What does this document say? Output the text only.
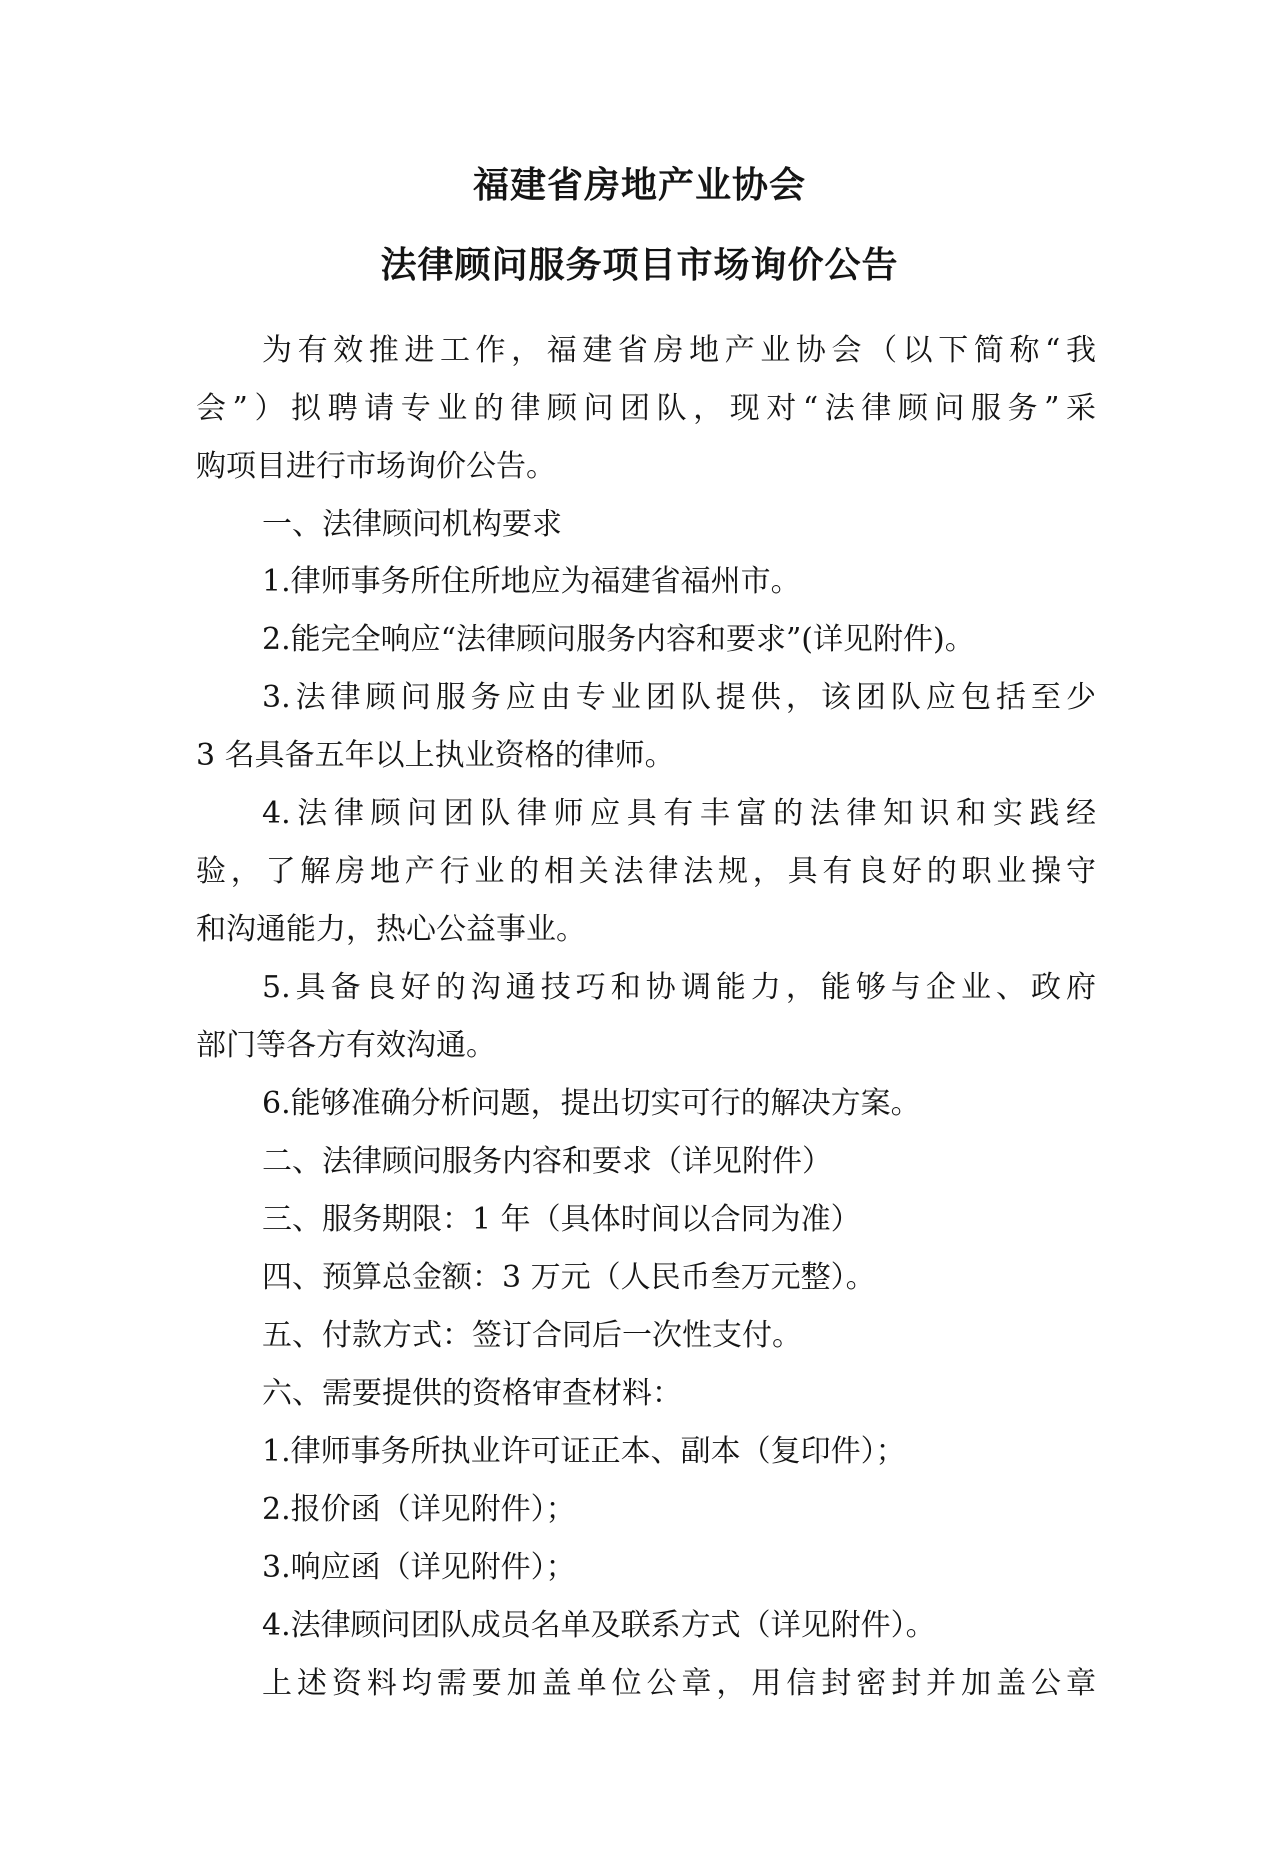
福建省房地产业协会
法律顾问服务项目市场询价公告
为有效推进工作，福建省房地产业协会（以下简称“我
会”）拟聘请专业的律顾问团队，现对“法律顾问服务”采
购项目进行市场询价公告。
一、法律顾问机构要求
1.律师事务所住所地应为福建省福州市。
2.能完全响应“法律顾问服务内容和要求”(详见附件)。
3.法律顾问服务应由专业团队提供，该团队应包括至少
3 名具备五年以上执业资格的律师。
4.法律顾问团队律师应具有丰富的法律知识和实践经
验，了解房地产行业的相关法律法规，具有良好的职业操守
和沟通能力，热心公益事业。
5.具备良好的沟通技巧和协调能力，能够与企业、政府
部门等各方有效沟通。
6.能够准确分析问题，提出切实可行的解决方案。
二、法律顾问服务内容和要求（详见附件）
三、服务期限：1 年（具体时间以合同为准）
四、预算总金额：3 万元（人民币叁万元整）。
五、付款方式：签订合同后一次性支付。
六、需要提供的资格审查材料：
1.律师事务所执业许可证正本、副本（复印件）；
2.报价函（详见附件）；
3.响应函（详见附件）；
4.法律顾问团队成员名单及联系方式（详见附件）。
上述资料均需要加盖单位公章，用信封密封并加盖公章
